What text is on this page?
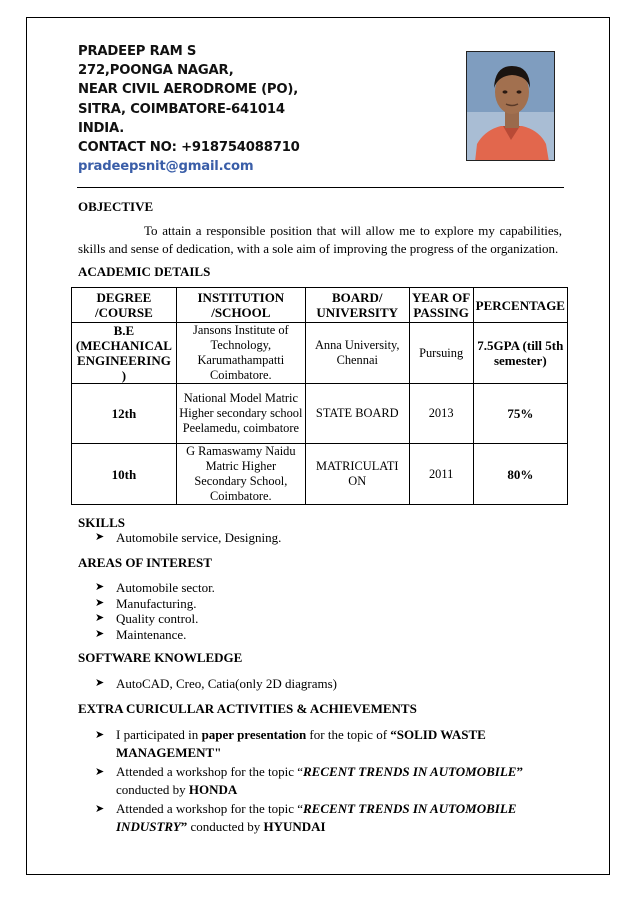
PRADEEP RAM S
272,POONGA NAGAR,
NEAR CIVIL AERODROME (PO),
SITRA, COIMBATORE-641014
INDIA.
CONTACT NO: +918754088710
pradeepsnit@gmail.com
OBJECTIVE
To attain a responsible position that will allow me to explore my capabilities, skills and sense of dedication, with a sole aim of improving the progress of the organization.
ACADEMIC DETAILS
DEGREE /COURSE	INSTITUTION /SCHOOL	BOARD/ UNIVERSITY	YEAR OF PASSING	PERCENTAGE
B.E (MECHANICAL ENGINEERING )	Jansons Institute of Technology, Karumathampatti Coimbatore.	Anna University, Chennai	Pursuing	7.5GPA (till 5th semester)
12th	National Model Matric Higher secondary school Peelamedu, coimbatore	STATE BOARD	2013	75%
10th	G Ramaswamy Naidu Matric Higher Secondary School, Coimbatore.	MATRICULATI ON	2011	80%
SKILLS
➤ Automobile service, Designing.
AREAS OF INTEREST
➤ Automobile sector.
➤ Manufacturing.
➤ Quality control.
➤ Maintenance.
SOFTWARE KNOWLEDGE
➤ AutoCAD, Creo, Catia(only 2D diagrams)
EXTRA CURICULLAR ACTIVITIES & ACHIEVEMENTS
➤ I participated in paper presentation for the topic of “SOLID WASTE MANAGEMENT"
➤ Attended a workshop for the topic “RECENT TRENDS IN AUTOMOBILE” conducted by HONDA
➤ Attended a workshop for the topic “RECENT TRENDS IN AUTOMOBILE INDUSTRY” conducted by HYUNDAI
